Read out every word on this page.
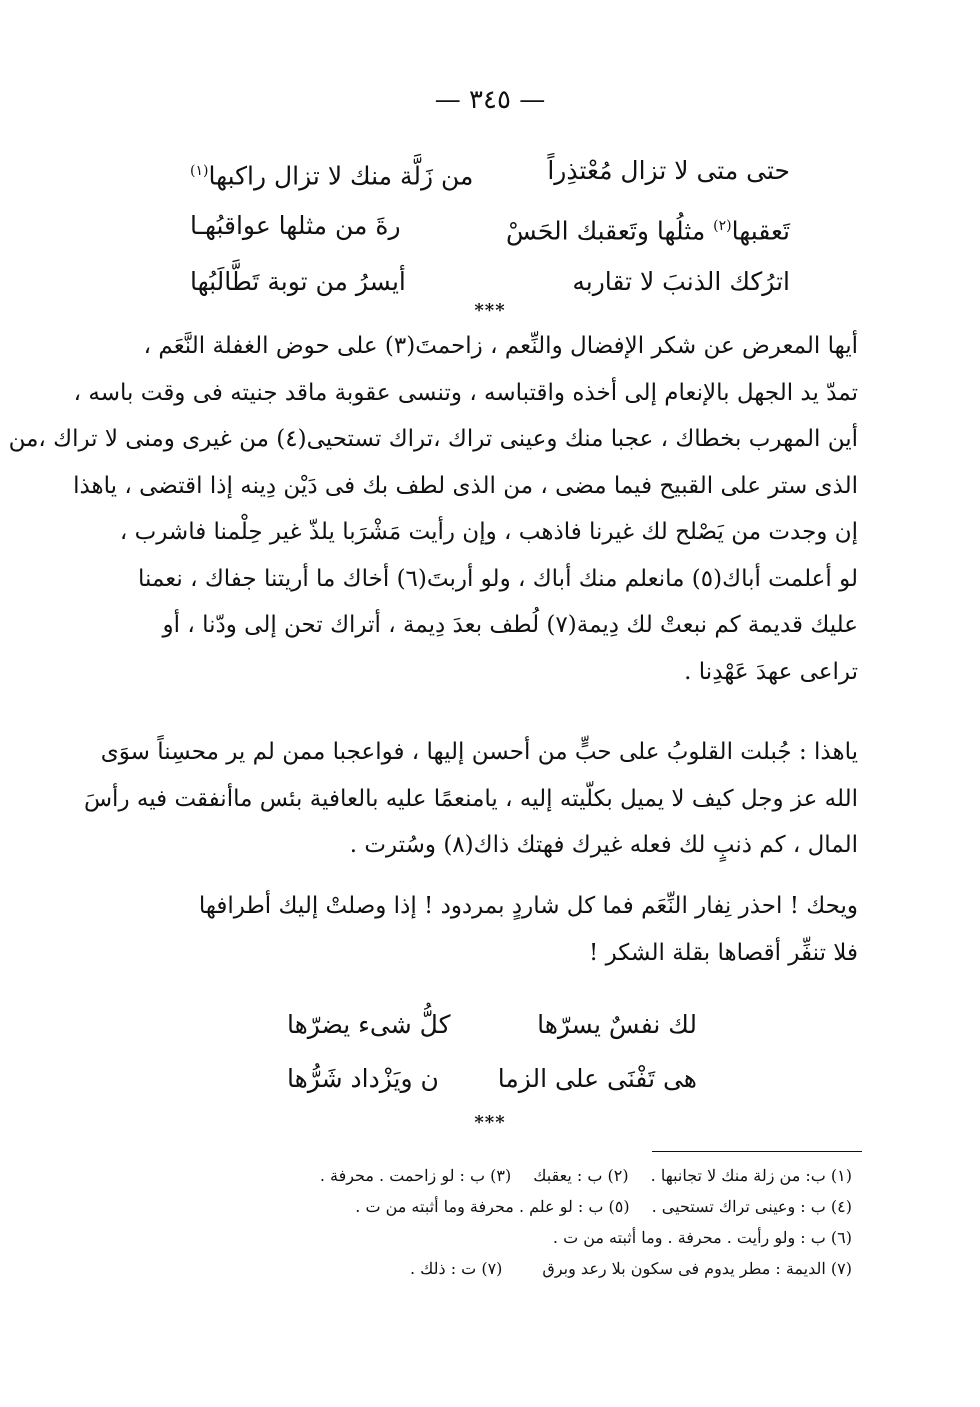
— ٣٤٥ —
حتى متى لا تزال مُعْتذِراً
من زَلَّة منك لا تزال راكبها$^{(١)}$
تَعقبها$^{(٢)}$ مثلُها وتَعقبك الحَسْ
رةَ من مثلها عواقبُهـا
اترُكك الذنبَ لا تقاربه
أيسرُ من توبة تَطَّالَبُها
***
أيها المعرض عن شكر الإفضال والنِّعم ، زاحمتَ(٣) على حوض الغفلة النَّعَم ،
تمدّ يد الجهل بالإنعام إلى أخذه واقتباسه ، وتنسى عقوبة ماقد جنيته فى وقت باسه ،
أين المهرب بخطاك ، عجبا منك وعينى تراك ،تراك تستحيى(٤) من غيرى ومنى لا تراك ،من
الذى ستر على القبيح فيما مضى ، من الذى لطف بك فى دَيْن دِينه إذا اقتضى ، ياهذا
إن وجدت من يَصْلح لك غيرنا فاذهب ، وإن رأيت مَشْرَبا يلذّ غير حِلْمنا فاشرب ،
لو أعلمت أباك(٥) مانعلم منك أباك ، ولو أربتَ(٦) أخاك ما أريتنا جفاك ، نعمنا
عليك قديمة كم نبعتْ لك دِيمة(٧) لُطف بعدَ دِيمة ، أتراك تحن إلى ودّنا ، أو
تراعى عهدَ عَهْدِنا .
ياهذا : جُبلت القلوبُ على حبٍّ من أحسن إليها ، فواعجبا ممن لم ير محسِناً سوَى
الله عز وجل كيف لا يميل بكلّيته إليه ، يامنعمًا عليه بالعافية بئس ماأنفقت فيه رأسَ
المال ، كم ذنبٍ لك فعله غيرك فهتك ذاك(٨) وسُترت .
ويحك ! احذر نِفار النِّعَم فما كل شاردٍ بمردود ! إذا وصلتْ إليك أطرافها
فلا تنفِّر أقصاها بقلة الشكر !
لك نفسٌ يسرّها
كلُّ شىء يضرّها
هى تَفْنَى على الزما
ن ويَزْداد شَرُّها
***
(١) ب: من زلة منك لا تجانبها .
(٢) ب : يعقبك
(٣) ب : لو زاحمت . محرفة .
(٤) ب : وعينى تراك تستحيى .
(٥) ب : لو علم . محرفة وما أثبته من ت .
(٦) ب : ولو رأيت . محرفة . وما أثبته من ت .
(٧) الديمة : مطر يدوم فى سكون بلا رعد وبرق
(٧) ت : ذلك .
